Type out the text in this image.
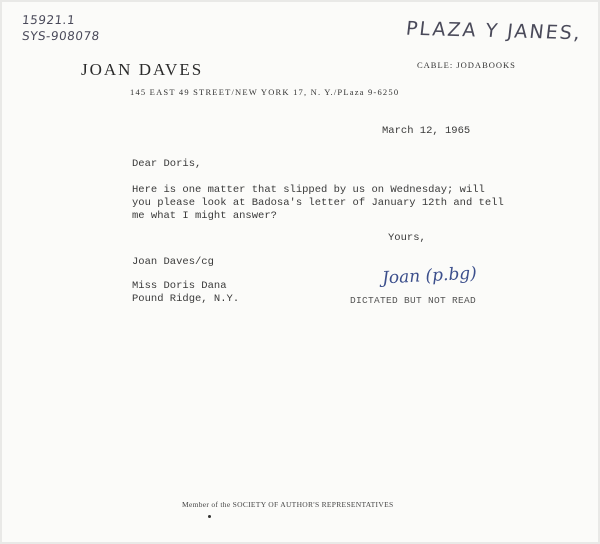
15921.1
SYS-908078	PLAZA Y JANES,
JOAN DAVES	CABLE: JODABOOKS
145 EAST 49 STREET/NEW YORK 17, N. Y./PLaza 9-6250
March 12, 1965
Dear Doris,
Here is one matter that slipped by us on Wednesday; will
you please look at Badosa's letter of January 12th and tell
me what I might answer?
Yours,
Joan Daves/cg
Miss Doris Dana
Pound Ridge, N.Y.
Joan (p.bg)
DICTATED BUT NOT READ
Member of the SOCIETY OF AUTHOR'S REPRESENTATIVES
